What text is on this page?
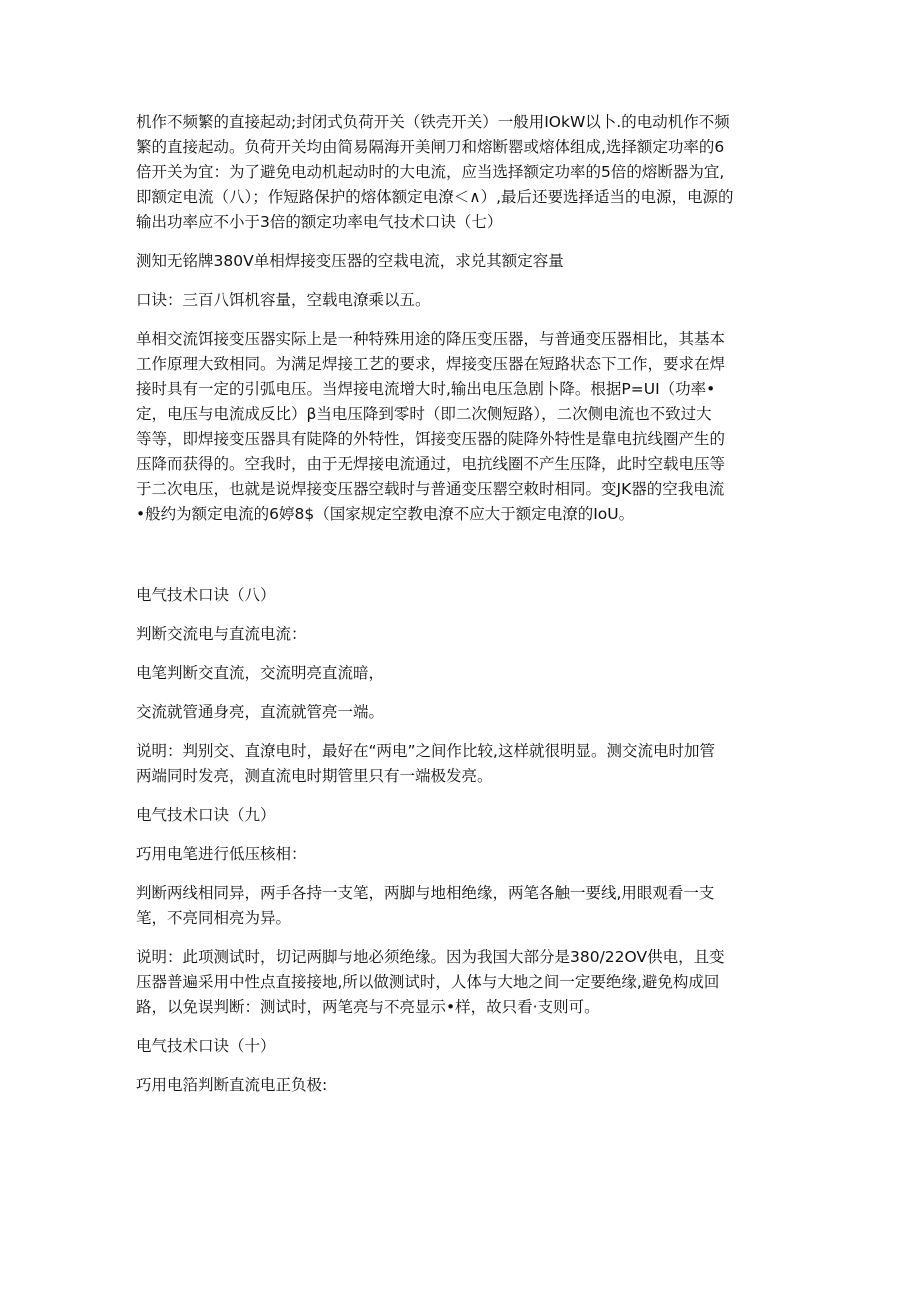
机作不频繁的直接起动;封闭式负荷开关（铁壳开关）一般用IOkW以卜.的电动机作不频
繁的直接起动。负荷开关均由简易隔海开美闸刀和熔断罂或熔体组成,选择额定功率的6
倍开关为宜：为了避免电动机起动时的大电流，应当选择额定功率的5倍的熔断器为宜,
即额定电流（八）；作短路保护的熔体额定电潦＜∧）,最后还要选择适当的电源，电源的
输出功率应不小于3倍的额定功率电气技术口诀（七）

测知无铭牌380V单相焊接变压器的空栽电流，求兑其额定容量

口诀：三百八饵机容量，空载电潦乘以五。

单相交流饵接变压器实际上是一种特殊用途的降压变压器，与普通变压器相比，其基本
工作原理大致相同。为满足焊接工艺的要求，焊接变压器在短路状态下工作，要求在焊
接时具有一定的引弧电压。当焊接电流增大时,输出电压急剧卜降。根据P=UI（功率•
定，电压与电流成反比）β当电压降到零时（即二次侧短路），二次侧电流也不致过大
等等，即焊接变压器具有陡降的外特性，饵接变压器的陡降外特性是靠电抗线圈产生的
压降而获得的。空我时，由于无焊接电流通过，电抗线圈不产生压降，此时空载电压等
于二次电压，也就是说焊接变压器空载时与普通变压罂空敕时相同。变JK器的空我电流
•般约为额定电流的6婷8$（国家规定空教电潦不应大于额定电潦的IoU。

电气技术口诀（八）

判断交流电与直流电流：

电笔判断交直流，交流明亮直流暗，

交流就管通身亮，直流就管亮一端。

说明：判别交、直潦电时，最好在“两电”之间作比较,这样就很明显。测交流电时加管
两端同时发亮，测直流电时期管里只有一端极发亮。

电气技术口诀（九）

巧用电笔进行低压核相：

判断两线相同异，两手各持一支笔，两脚与地相绝缘，两笔各触一要线,用眼观看一支
笔，不亮同相亮为异。

说明：此项测试时，切记两脚与地必须绝缘。因为我国大部分是380/22OV供电，且变
压器普遍采用中性点直接接地,所以做测试时，人体与大地之间一定要绝缘,避免构成回
路，以免误判断：测试时，两笔亮与不亮显示•样，故只看·支则可。

电气技术口诀（十）

巧用电箔判断直流电正负极:
